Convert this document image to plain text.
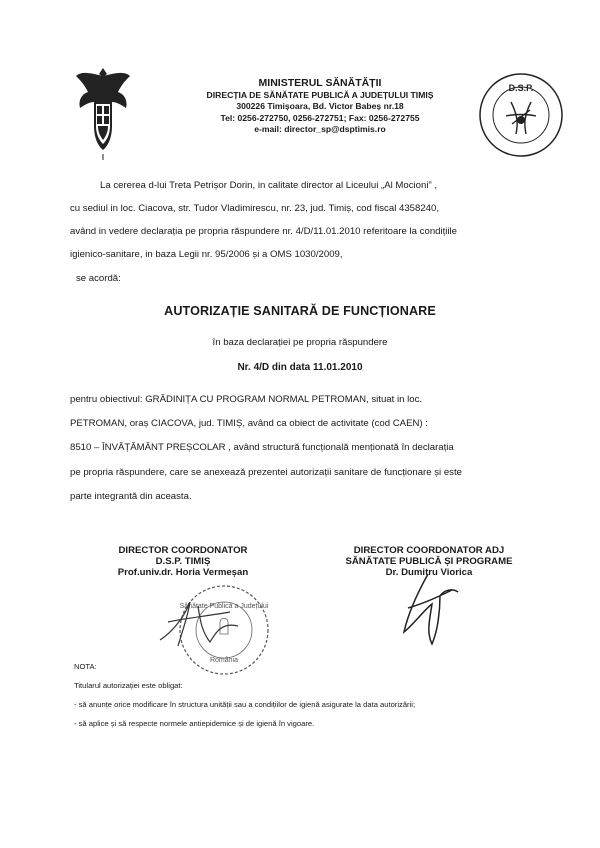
MINISTERUL SĂNĂTĂȚII
DIRECȚIA DE SĂNĂTATE PUBLICĂ A JUDEȚULUI TIMIȘ
300226 Timișoara, Bd. Victor Babeș nr.18
Tel: 0256-272750, 0256-272751; Fax: 0256-272755
e-mail: director_sp@dsptimis.ro
D.S.P.
La cererea d-lui Treta Petrișor Dorin, in calitate director al Liceului „Al Mocioni” ,
cu sediul in loc. Ciacova, str. Tudor Vladimirescu, nr. 23, jud. Timiș, cod fiscal 4358240,
având in vedere declarația pe propria răspundere nr. 4/D/11.01.2010 referitoare la condițiile
igienico-sanitare, in baza Legii nr. 95/2006 și a OMS 1030/2009,
se acordă:
AUTORIZAȚIE SANITARĂ DE FUNCȚIONARE
în baza declarației pe propria răspundere
Nr. 4/D din data 11.01.2010
pentru obiectivul: GRĂDINIȚA CU PROGRAM NORMAL PETROMAN, situat in loc.
PETROMAN, oraș CIACOVA, jud. TIMIȘ, având ca obiect de activitate (cod CAEN) :
8510 – ÎNVĂȚĂMÂNT PREȘCOLAR , având structură funcțională menționată în declarația
pe propria răspundere, care se anexează prezentei autorizații sanitare de funcționare și este
parte integrantă din aceasta.
DIRECTOR COORDONATOR
D.S.P. TIMIȘ
Prof.univ.dr. Horia Vermeșan
DIRECTOR COORDONATOR ADJ
SĂNĂTATE PUBLICĂ ȘI PROGRAME
Dr. Dumitru Viorica
Sănătate Publică a Județului
România
NOTA:
Titularul autorizației este obligat:
- să anunțe orice modificare în structura unității sau a condițiilor de igienă asigurate la data autorizării;
- să aplice și să respecte normele antiepidemice și de igienă în vigoare.
